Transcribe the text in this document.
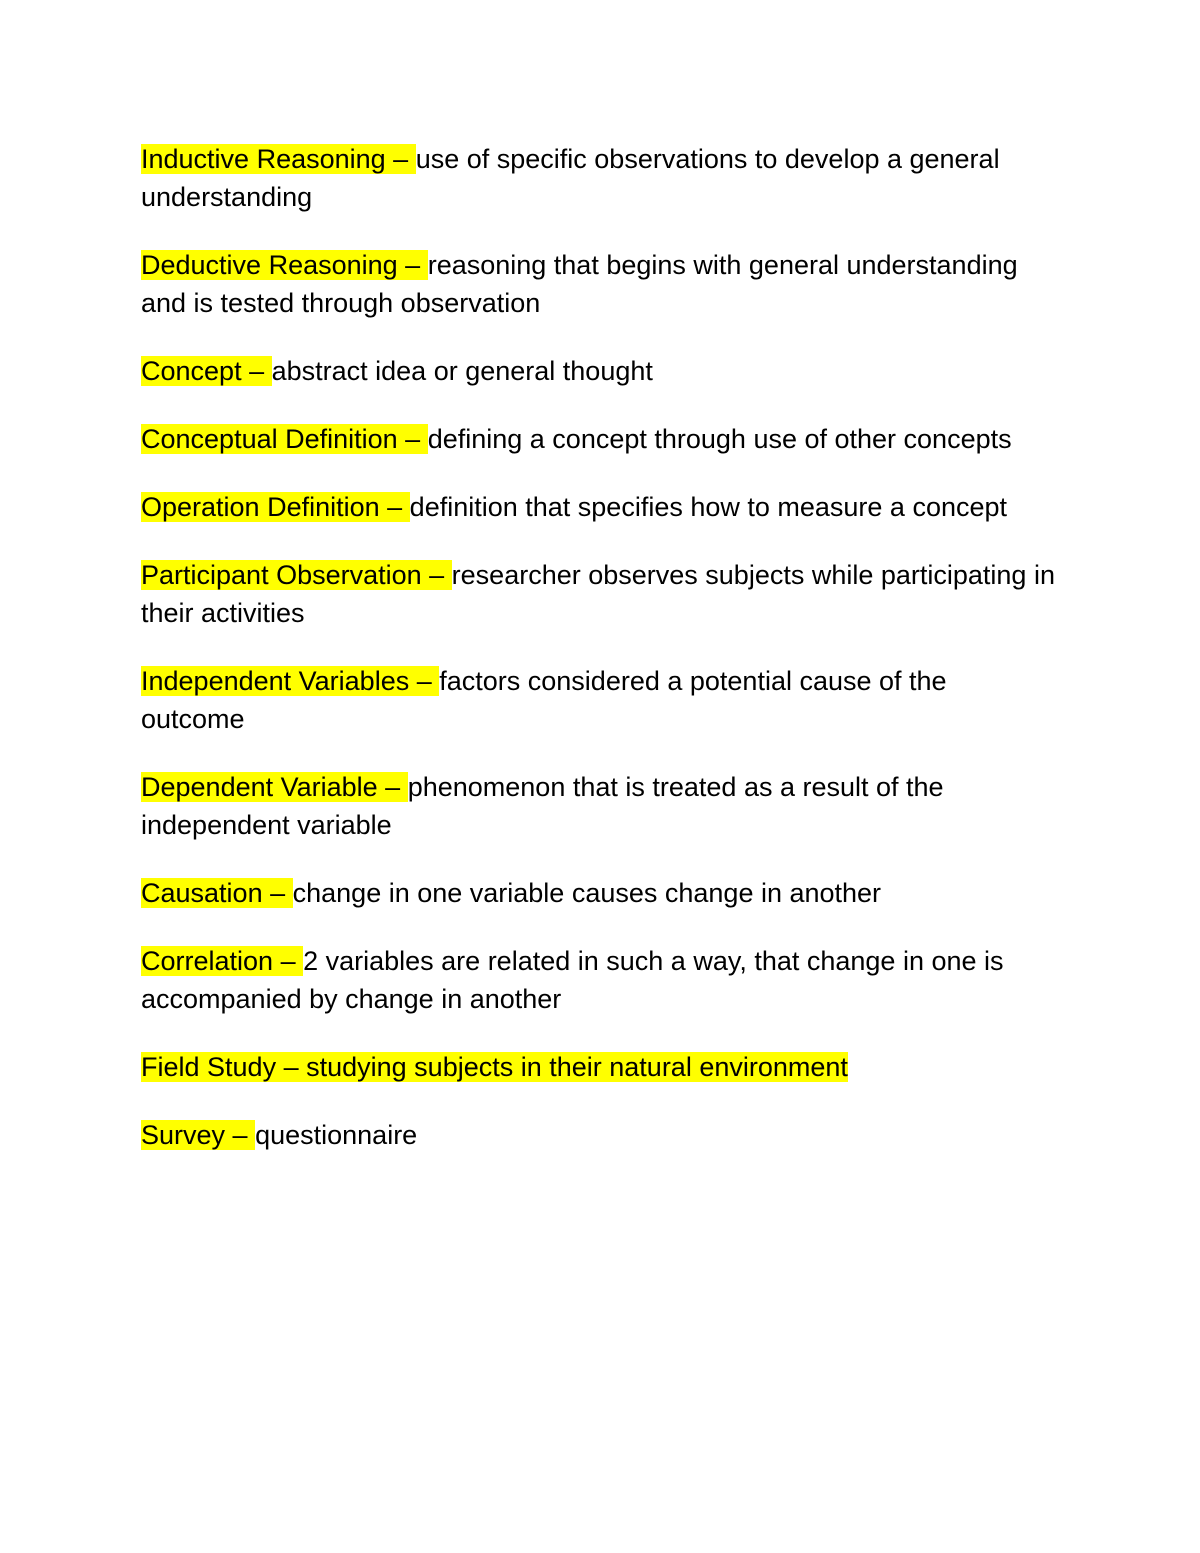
Inductive Reasoning – use of specific observations to develop a general understanding

Deductive Reasoning – reasoning that begins with general understanding and is tested through observation

Concept – abstract idea or general thought

Conceptual Definition – defining a concept through use of other concepts

Operation Definition – definition that specifies how to measure a concept

Participant Observation – researcher observes subjects while participating in their activities

Independent Variables – factors considered a potential cause of the outcome

Dependent Variable – phenomenon that is treated as a result of the independent variable

Causation – change in one variable causes change in another

Correlation – 2 variables are related in such a way, that change in one is accompanied by change in another

Field Study – studying subjects in their natural environment

Survey – questionnaire
